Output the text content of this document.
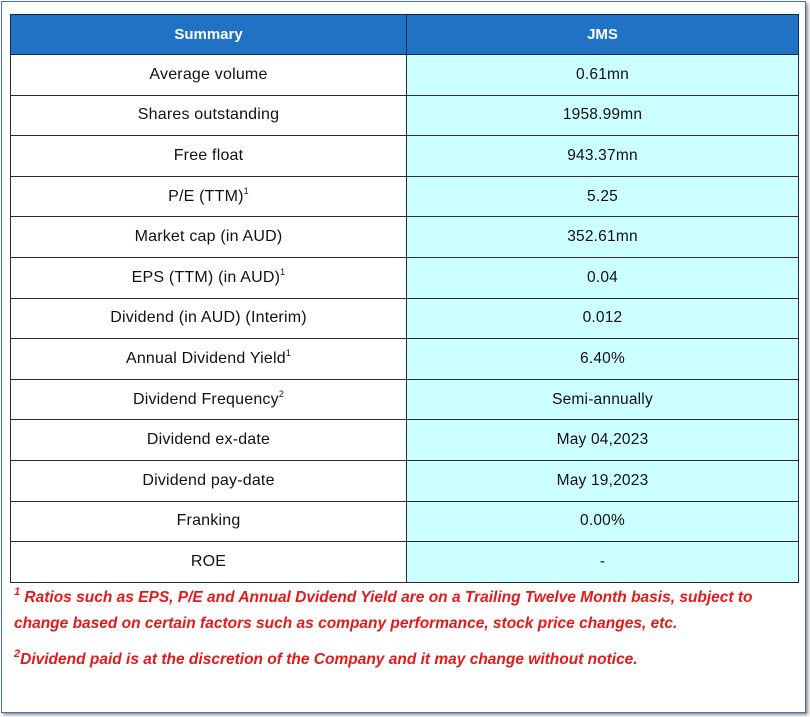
Summary	JMS
Average volume	0.61mn
Shares outstanding	1958.99mn
Free float	943.37mn
P/E (TTM)$^1$	5.25
Market cap (in AUD)	352.61mn
EPS (TTM) (in AUD)$^1$	0.04
Dividend (in AUD) (Interim)	0.012
Annual Dividend Yield$^1$	6.40%
Dividend Frequency$^2$	Semi-annually
Dividend ex-date	May 04,2023
Dividend pay-date	May 19,2023
Franking	0.00%
ROE	-

$^1$ Ratios such as EPS, P/E and Annual Dvidend Yield are on a Trailing Twelve Month basis, subject to change based on certain factors such as company performance, stock price changes, etc.

$^2$Dividend paid is at the discretion of the Company and it may change without notice.
